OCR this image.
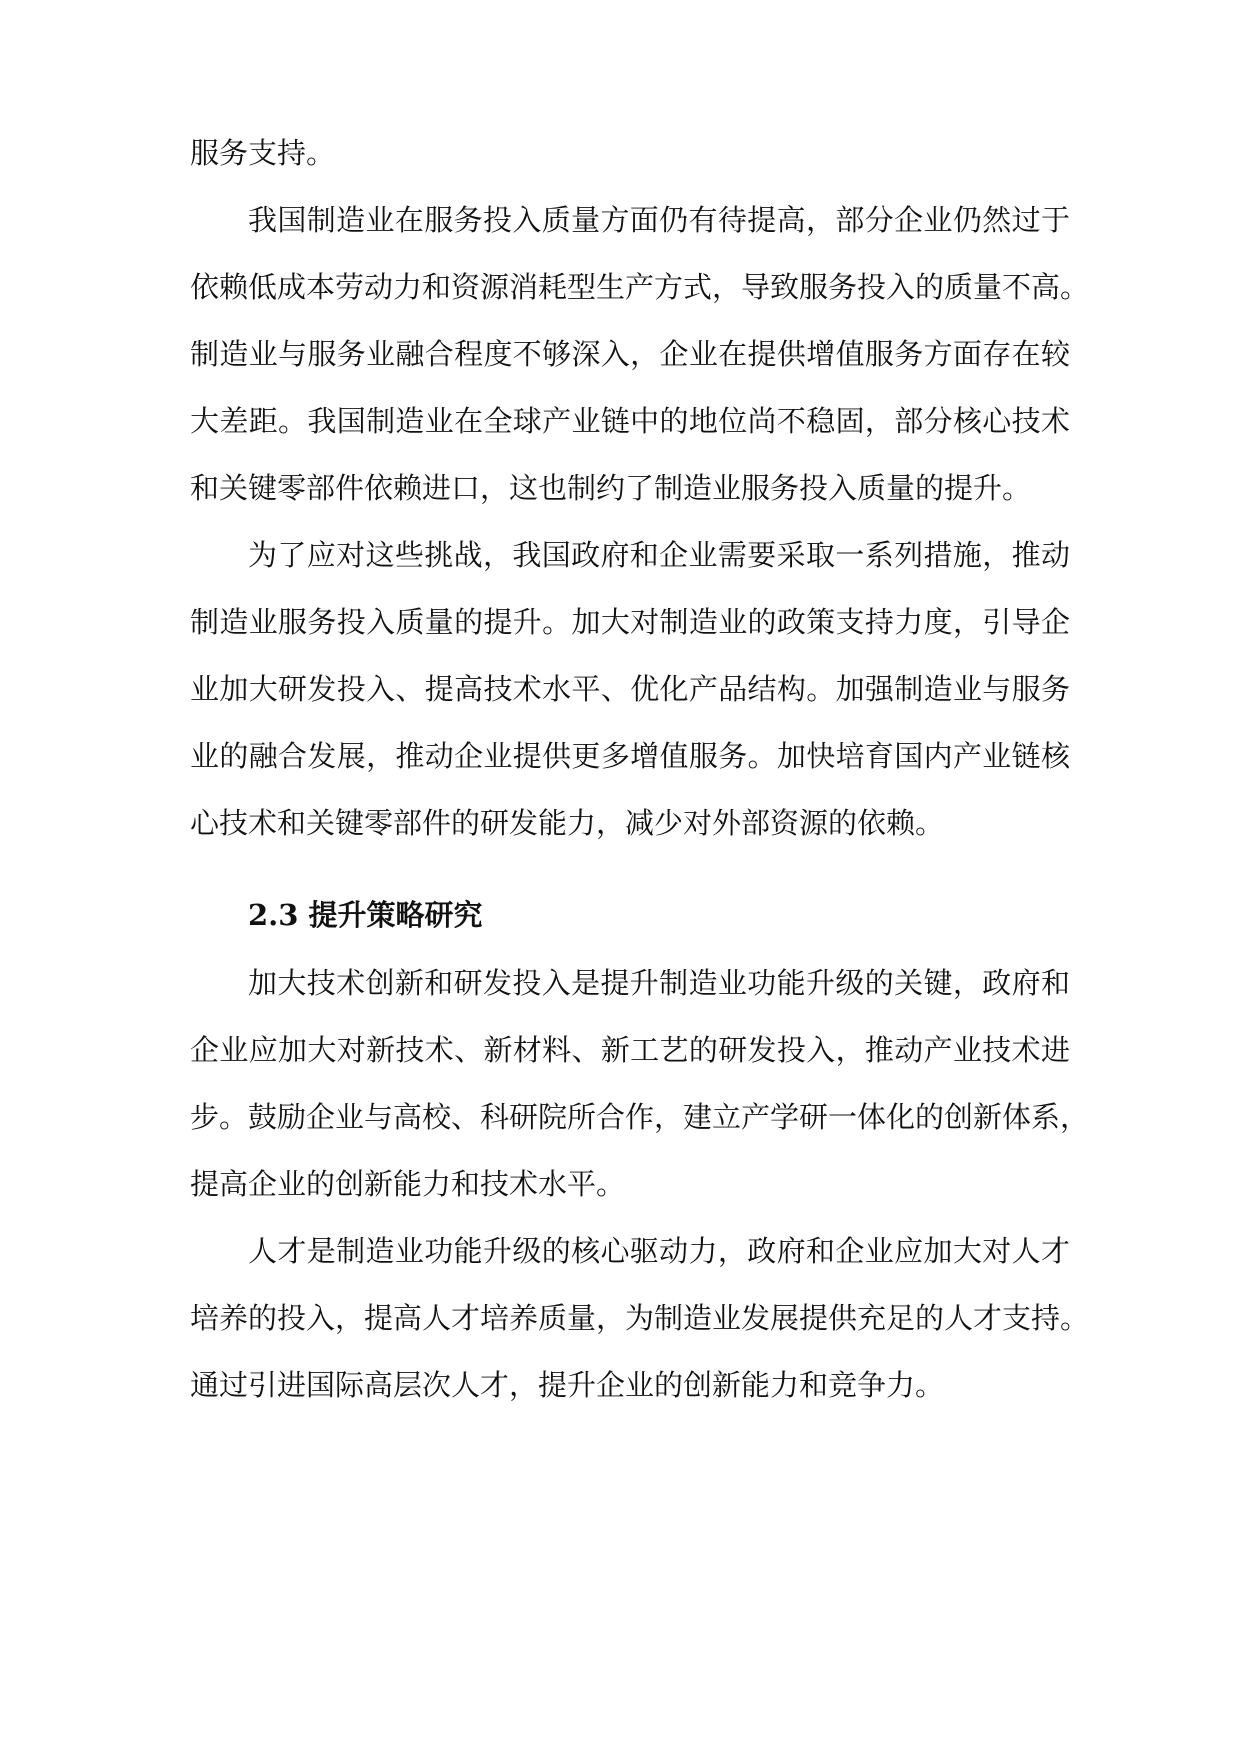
服务支持。
我国制造业在服务投入质量方面仍有待提高，部分企业仍然过于
依赖低成本劳动力和资源消耗型生产方式，导致服务投入的质量不高。
制造业与服务业融合程度不够深入，企业在提供增值服务方面存在较
大差距。我国制造业在全球产业链中的地位尚不稳固，部分核心技术
和关键零部件依赖进口，这也制约了制造业服务投入质量的提升。
为了应对这些挑战，我国政府和企业需要采取一系列措施，推动
制造业服务投入质量的提升。加大对制造业的政策支持力度，引导企
业加大研发投入、提高技术水平、优化产品结构。加强制造业与服务
业的融合发展，推动企业提供更多增值服务。加快培育国内产业链核
心技术和关键零部件的研发能力，减少对外部资源的依赖。
2.3 提升策略研究
加大技术创新和研发投入是提升制造业功能升级的关键，政府和
企业应加大对新技术、新材料、新工艺的研发投入，推动产业技术进
步。鼓励企业与高校、科研院所合作，建立产学研一体化的创新体系，
提高企业的创新能力和技术水平。
人才是制造业功能升级的核心驱动力，政府和企业应加大对人才
培养的投入，提高人才培养质量，为制造业发展提供充足的人才支持。
通过引进国际高层次人才，提升企业的创新能力和竞争力。
